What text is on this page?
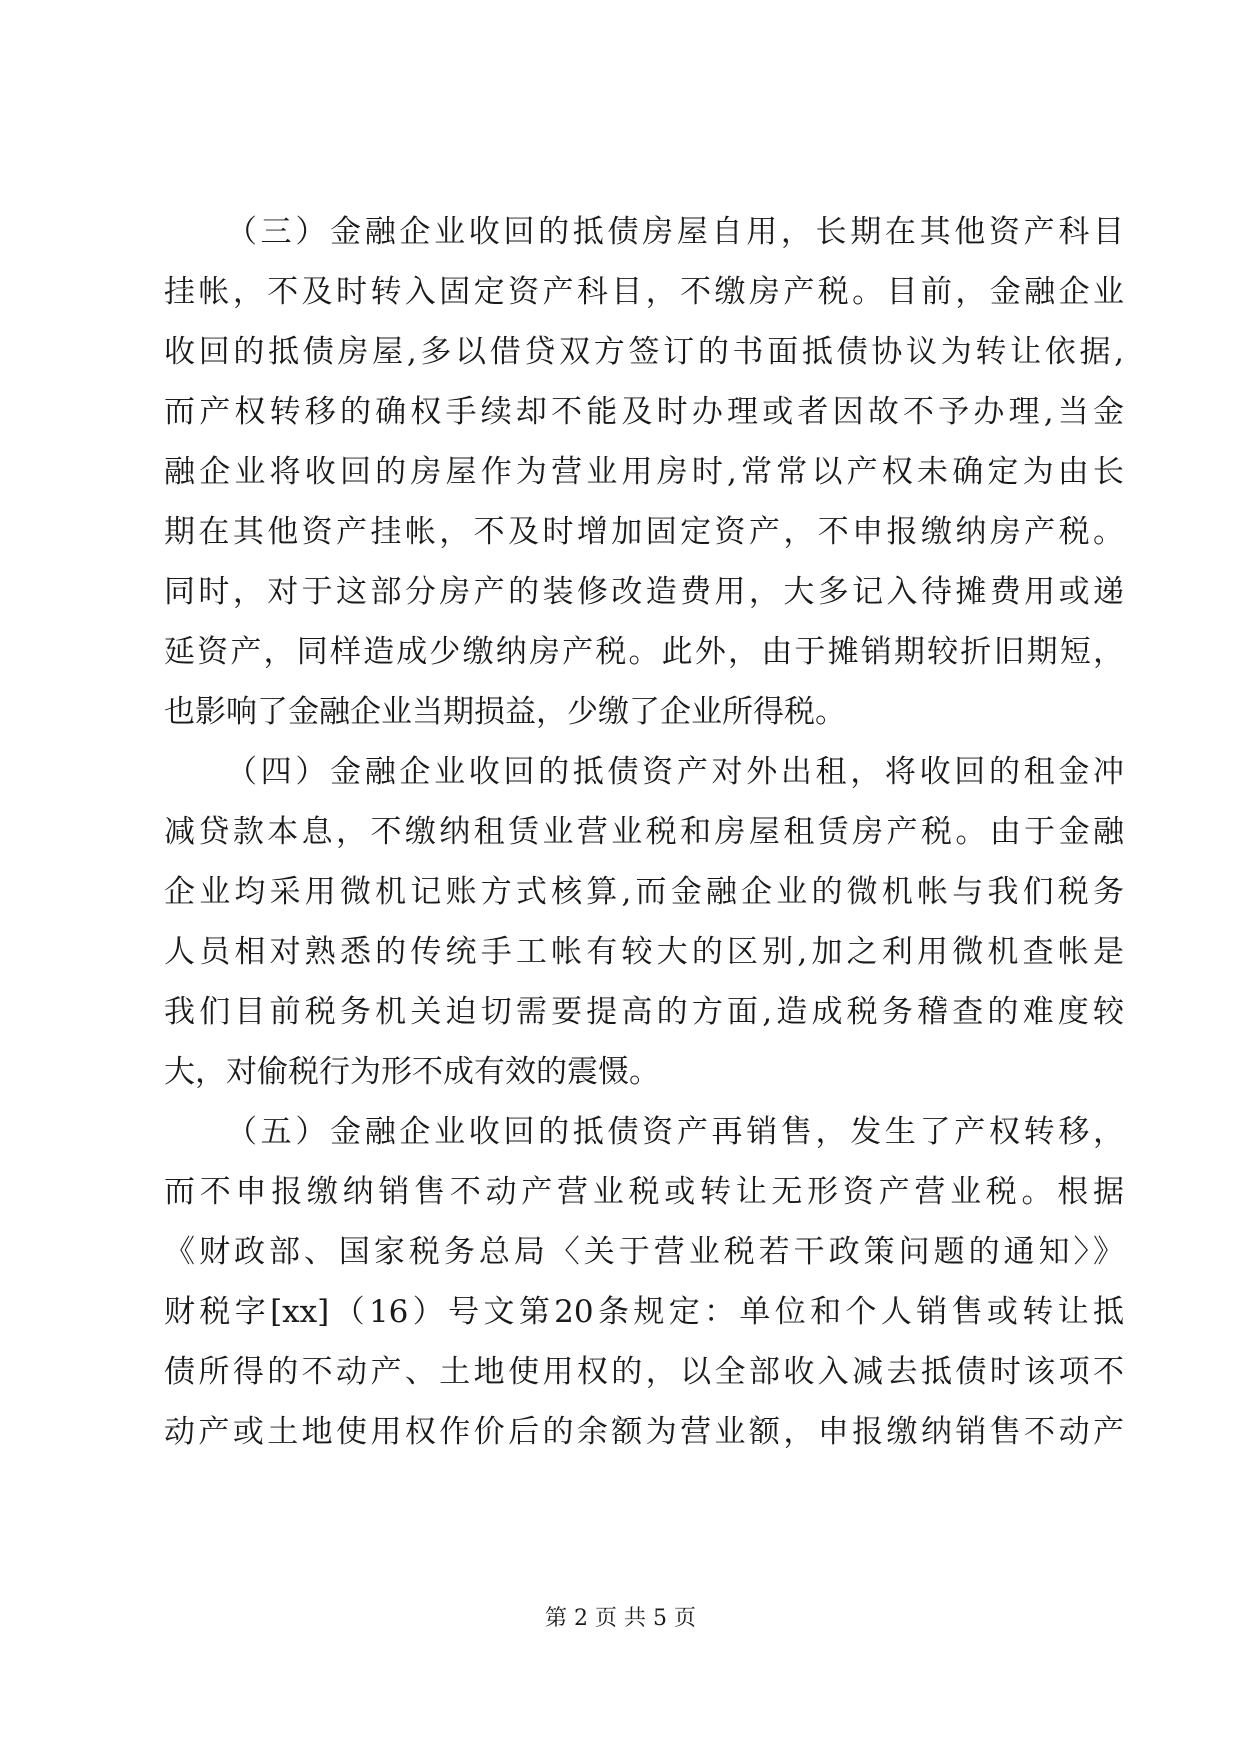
（三）金融企业收回的抵债房屋自用，长期在其他资产科目

挂帐，不及时转入固定资产科目，不缴房产税。目前，金融企业

收回的抵债房屋,多以借贷双方签订的书面抵债协议为转让依据,

而产权转移的确权手续却不能及时办理或者因故不予办理,当金

融企业将收回的房屋作为营业用房时,常常以产权未确定为由长

期在其他资产挂帐，不及时增加固定资产，不申报缴纳房产税。

同时，对于这部分房产的装修改造费用，大多记入待摊费用或递

延资产，同样造成少缴纳房产税。此外，由于摊销期较折旧期短，

也影响了金融企业当期损益，少缴了企业所得税。

（四）金融企业收回的抵债资产对外出租，将收回的租金冲

减贷款本息，不缴纳租赁业营业税和房屋租赁房产税。由于金融

企业均采用微机记账方式核算,而金融企业的微机帐与我们税务

人员相对熟悉的传统手工帐有较大的区别,加之利用微机查帐是

我们目前税务机关迫切需要提高的方面,造成税务稽查的难度较

大，对偷税行为形不成有效的震慑。

（五）金融企业收回的抵债资产再销售，发生了产权转移，

而不申报缴纳销售不动产营业税或转让无形资产营业税。根据

《财政部、国家税务总局〈关于营业税若干政策问题的通知〉》

财税字[xx]（16）号文第20条规定：单位和个人销售或转让抵

债所得的不动产、土地使用权的，以全部收入减去抵债时该项不

动产或土地使用权作价后的余额为营业额，申报缴纳销售不动产

第 2 页 共 5 页
